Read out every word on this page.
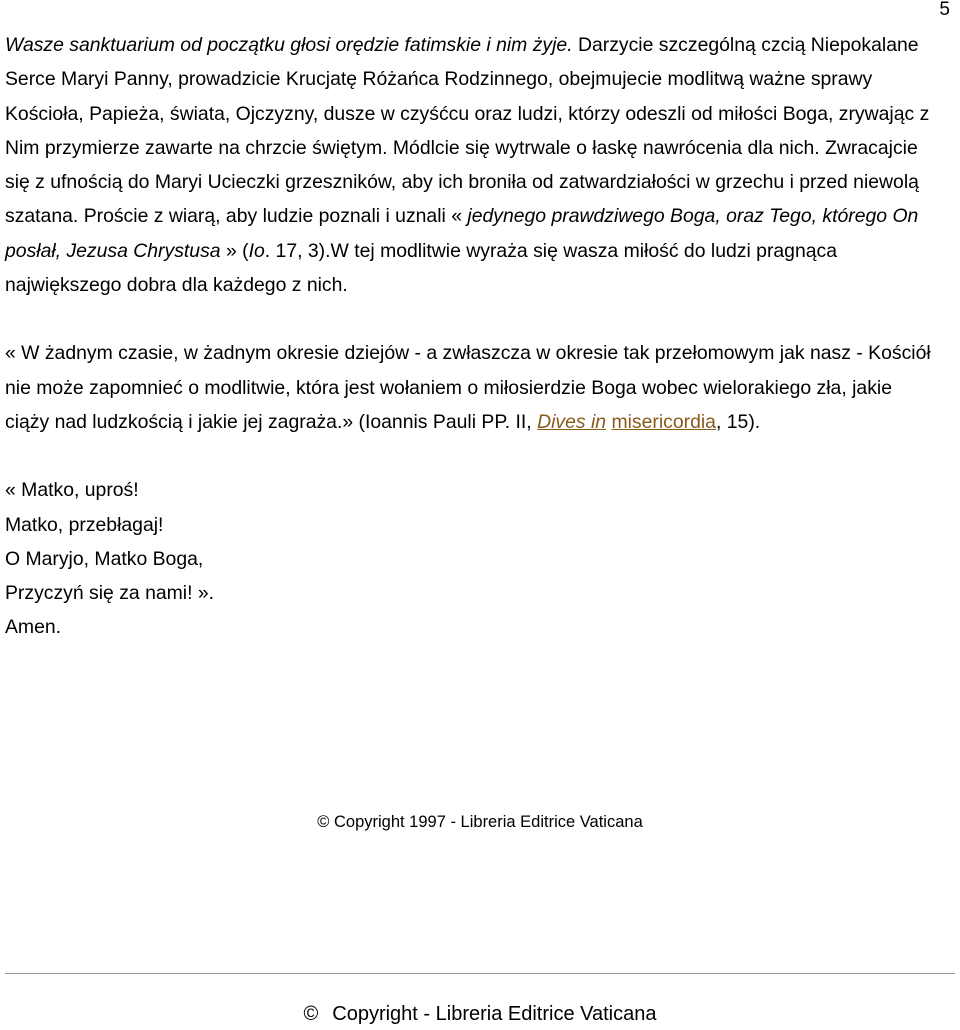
5

Wasze sanktuarium od początku głosi orędzie fatimskie i nim żyje. Darzycie szczególną czcią Niepokalane Serce Maryi Panny, prowadzicie Krucjatę Różańca Rodzinnego, obejmujecie modlitwą ważne sprawy Kościoła, Papieża, świata, Ojczyzny, dusze w czyśćcu oraz ludzi, którzy odeszli od miłości Boga, zrywając z Nim przymierze zawarte na chrzcie świętym. Módlcie się wytrwale o łaskę nawrócenia dla nich. Zwracajcie się z ufnością do Maryi Ucieczki grzeszników, aby ich broniła od zatwardziałości w grzechu i przed niewolą szatana. Proście z wiarą, aby ludzie poznali i uznali « jedynego prawdziwego Boga, oraz Tego, którego On posłał, Jezusa Chrystusa » (Io. 17, 3).W tej modlitwie wyraża się wasza miłość do ludzi pragnąca największego dobra dla każdego z nich.

« W żadnym czasie, w żadnym okresie dziejów - a zwłaszcza w okresie tak przełomowym jak nasz - Kościół nie może zapomnieć o modlitwie, która jest wołaniem o miłosierdzie Boga wobec wielorakiego zła, jakie ciąży nad ludzkością i jakie jej zagraża.» (Ioannis Pauli PP. II, Dives in misericordia, 15).

« Matko, uproś!
Matko, przebłagaj!
O Maryjo, Matko Boga,
Przyczyń się za nami! ».
Amen.
© Copyright 1997 - Libreria Editrice Vaticana
© Copyright - Libreria Editrice Vaticana
